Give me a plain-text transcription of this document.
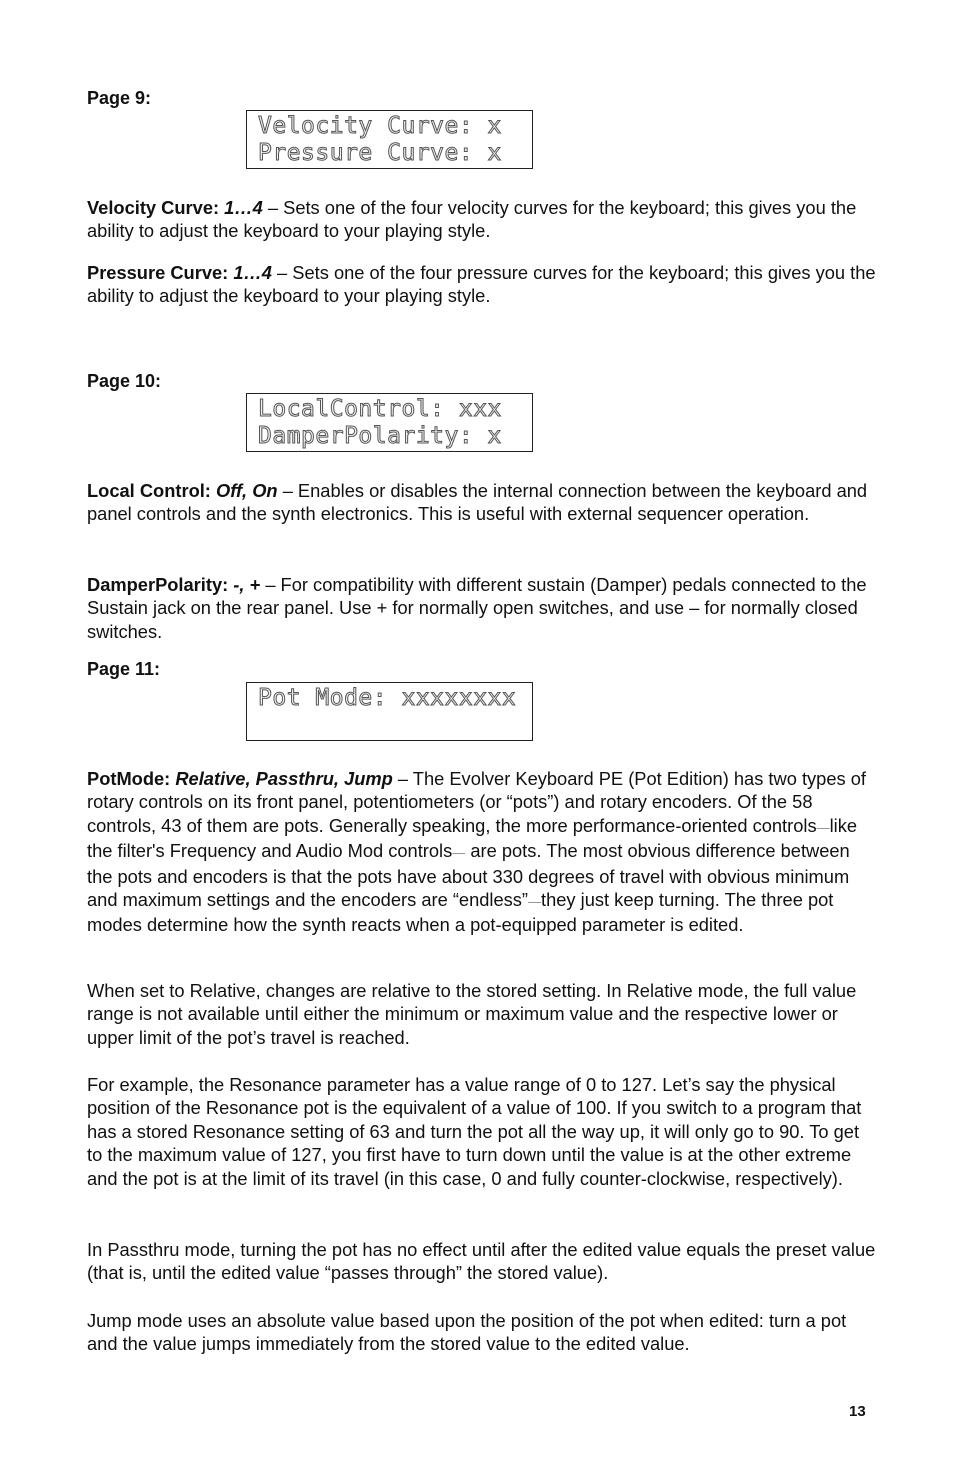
Page 9:
Velocity Curve: x
Pressure Curve: x

Velocity Curve: 1…4 – Sets one of the four velocity curves for the keyboard; this gives you the ability to adjust the keyboard to your playing style.

Pressure Curve: 1…4 – Sets one of the four pressure curves for the keyboard; this gives you the ability to adjust the keyboard to your playing style.

Page 10:
LocalControl: xxx
DamperPolarity: x

Local Control: Off, On – Enables or disables the internal connection between the keyboard and panel controls and the synth electronics. This is useful with external sequencer operation.

DamperPolarity: -, + – For compatibility with different sustain (Damper) pedals connected to the Sustain jack on the rear panel. Use + for normally open switches, and use – for normally closed switches.

Page 11:
Pot Mode: xxxxxxxx

PotMode: Relative, Passthru, Jump – The Evolver Keyboard PE (Pot Edition) has two types of rotary controls on its front panel, potentiometers (or “pots”) and rotary encoders. Of the 58 controls, 43 of them are pots. Generally speaking, the more performance-oriented controls—like the filter's Frequency and Audio Mod controls— are pots. The most obvious difference between the pots and encoders is that the pots have about 330 degrees of travel with obvious minimum and maximum settings and the encoders are “endless”—they just keep turning. The three pot modes determine how the synth reacts when a pot-equipped parameter is edited.

When set to Relative, changes are relative to the stored setting. In Relative mode, the full value range is not available until either the minimum or maximum value and the respective lower or upper limit of the pot’s travel is reached.

For example, the Resonance parameter has a value range of 0 to 127. Let’s say the physical position of the Resonance pot is the equivalent of a value of 100. If you switch to a program that has a stored Resonance setting of 63 and turn the pot all the way up, it will only go to 90. To get to the maximum value of 127, you first have to turn down until the value is at the other extreme and the pot is at the limit of its travel (in this case, 0 and fully counter-clockwise, respectively).

In Passthru mode, turning the pot has no effect until after the edited value equals the preset value (that is, until the edited value “passes through” the stored value).

Jump mode uses an absolute value based upon the position of the pot when edited: turn a pot and the value jumps immediately from the stored value to the edited value.

13
